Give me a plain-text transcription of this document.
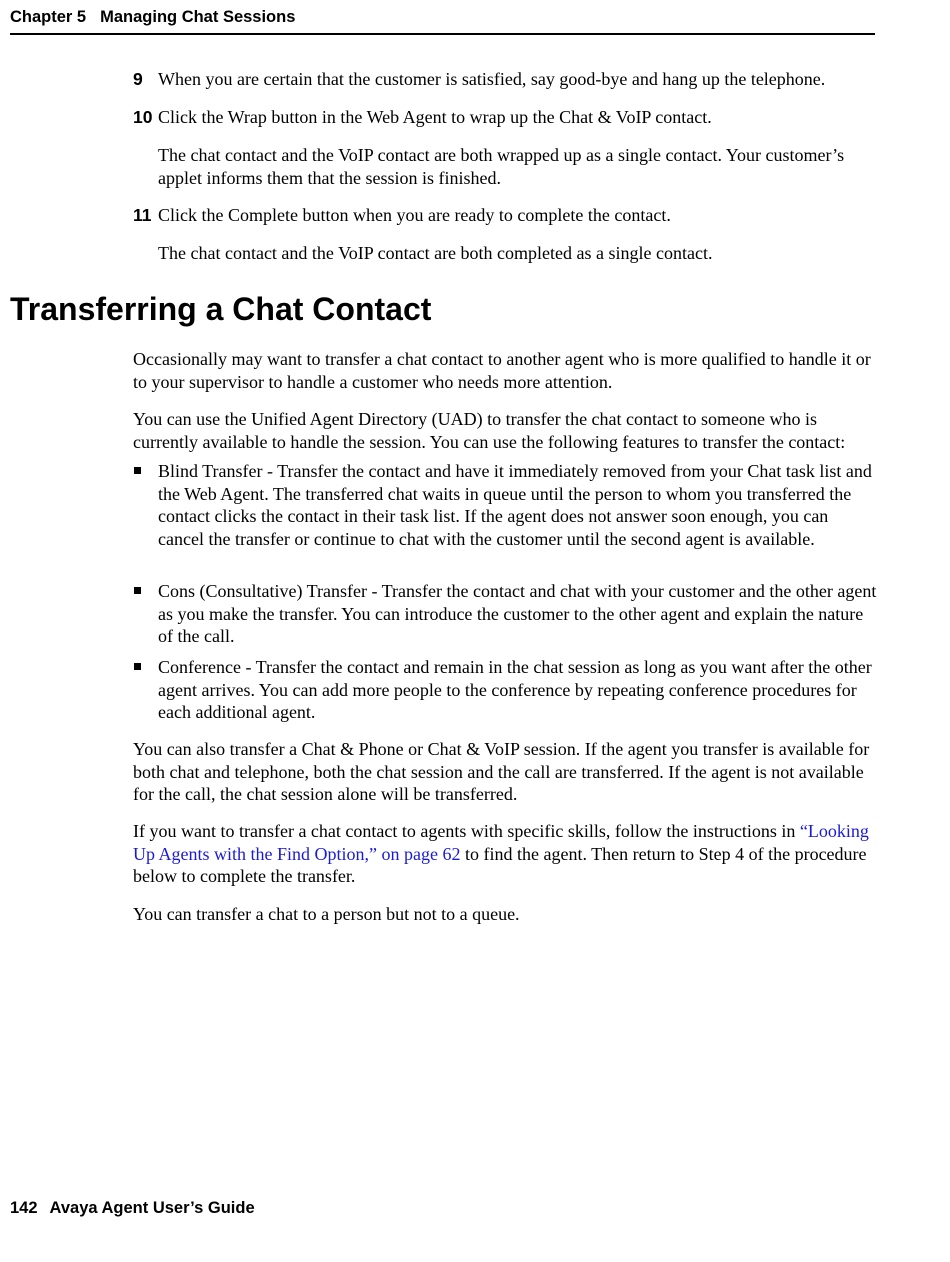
Chapter 5 Managing Chat Sessions
9 When you are certain that the customer is satisfied, say good-bye and hang up the telephone.
10 Click the Wrap button in the Web Agent to wrap up the Chat & VoIP contact.
The chat contact and the VoIP contact are both wrapped up as a single contact. Your customer’s applet informs them that the session is finished.
11 Click the Complete button when you are ready to complete the contact.
The chat contact and the VoIP contact are both completed as a single contact.
Transferring a Chat Contact
Occasionally may want to transfer a chat contact to another agent who is more qualified to handle it or to your supervisor to handle a customer who needs more attention.
You can use the Unified Agent Directory (UAD) to transfer the chat contact to someone who is currently available to handle the session. You can use the following features to transfer the contact:
Blind Transfer - Transfer the contact and have it immediately removed from your Chat task list and the Web Agent. The transferred chat waits in queue until the person to whom you transferred the contact clicks the contact in their task list. If the agent does not answer soon enough, you can cancel the transfer or continue to chat with the customer until the second agent is available.
Cons (Consultative) Transfer - Transfer the contact and chat with your customer and the other agent as you make the transfer. You can introduce the customer to the other agent and explain the nature of the call.
Conference - Transfer the contact and remain in the chat session as long as you want after the other agent arrives. You can add more people to the conference by repeating conference procedures for each additional agent.
You can also transfer a Chat & Phone or Chat & VoIP session. If the agent you transfer is available for both chat and telephone, both the chat session and the call are transferred. If the agent is not available for the call, the chat session alone will be transferred.
If you want to transfer a chat contact to agents with specific skills, follow the instructions in “Looking Up Agents with the Find Option,” on page 62 to find the agent. Then return to Step 4 of the procedure below to complete the transfer.
You can transfer a chat to a person but not to a queue.
142 Avaya Agent User’s Guide
